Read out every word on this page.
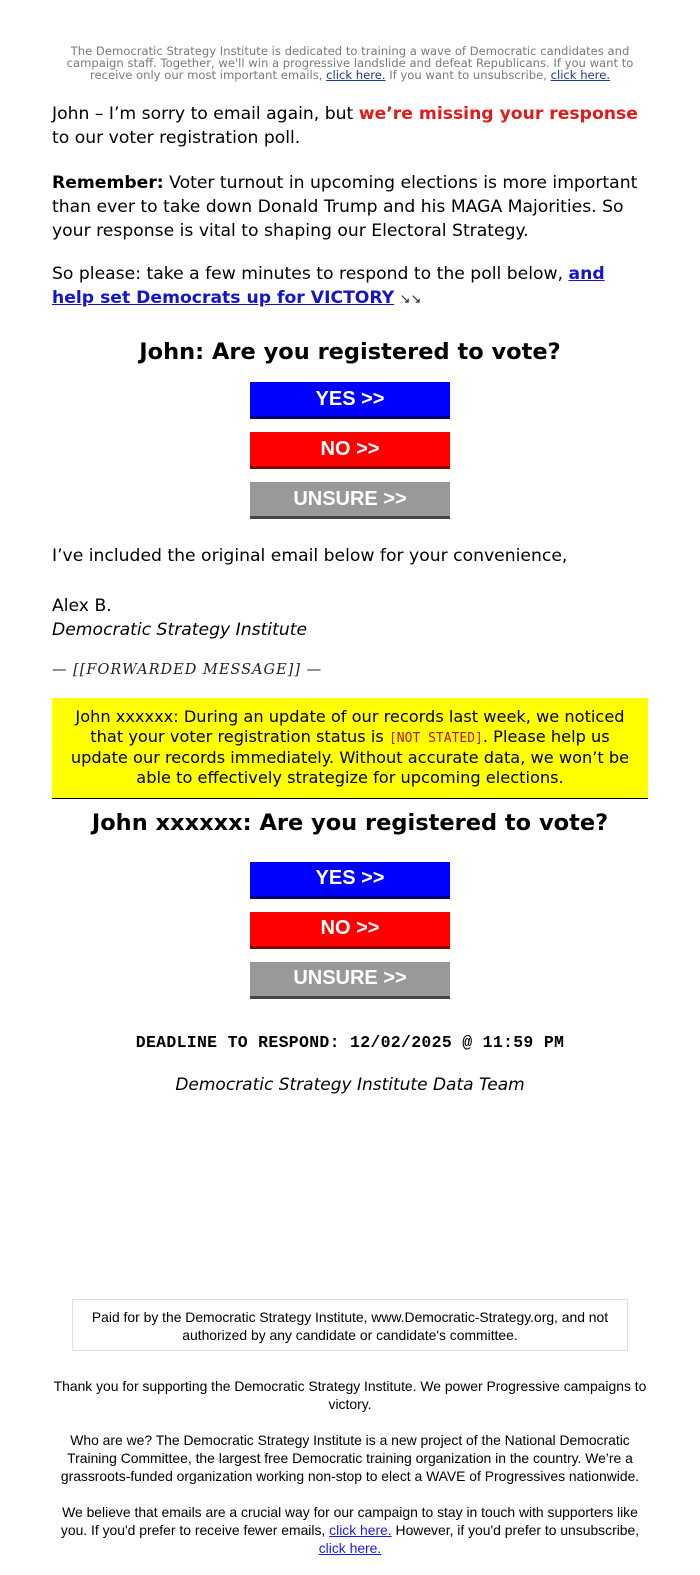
The Democratic Strategy Institute is dedicated to training a wave of Democratic candidates and campaign staff. Together, we'll win a progressive landslide and defeat Republicans. If you want to receive only our most important emails, click here. If you want to unsubscribe, click here.

John – I’m sorry to email again, but we’re missing your response to our voter registration poll.

Remember: Voter turnout in upcoming elections is more important than ever to take down Donald Trump and his MAGA Majorities. So your response is vital to shaping our Electoral Strategy.

So please: take a few minutes to respond to the poll below, and help set Democrats up for VICTORY ↘↘

John: Are you registered to vote?
YES >>
NO >>
UNSURE >>

I’ve included the original email below for your convenience,

Alex B.
Democratic Strategy Institute
— [[FORWARDED MESSAGE]] —
John xxxxxx: During an update of our records last week, we noticed that your voter registration status is [NOT STATED]. Please help us update our records immediately. Without accurate data, we won’t be able to effectively strategize for upcoming elections.
John xxxxxx: Are you registered to vote?
YES >>
NO >>
UNSURE >>
DEADLINE TO RESPOND: 12/02/2025 @ 11:59 PM
Democratic Strategy Institute Data Team
Paid for by the Democratic Strategy Institute, www.Democratic-Strategy.org, and not authorized by any candidate or candidate's committee.

Thank you for supporting the Democratic Strategy Institute. We power Progressive campaigns to victory.

Who are we? The Democratic Strategy Institute is a new project of the National Democratic Training Committee, the largest free Democratic training organization in the country. We’re a grassroots-funded organization working non-stop to elect a WAVE of Progressives nationwide.

We believe that emails are a crucial way for our campaign to stay in touch with supporters like you. If you'd prefer to receive fewer emails, click here. However, if you'd prefer to unsubscribe, click here.
